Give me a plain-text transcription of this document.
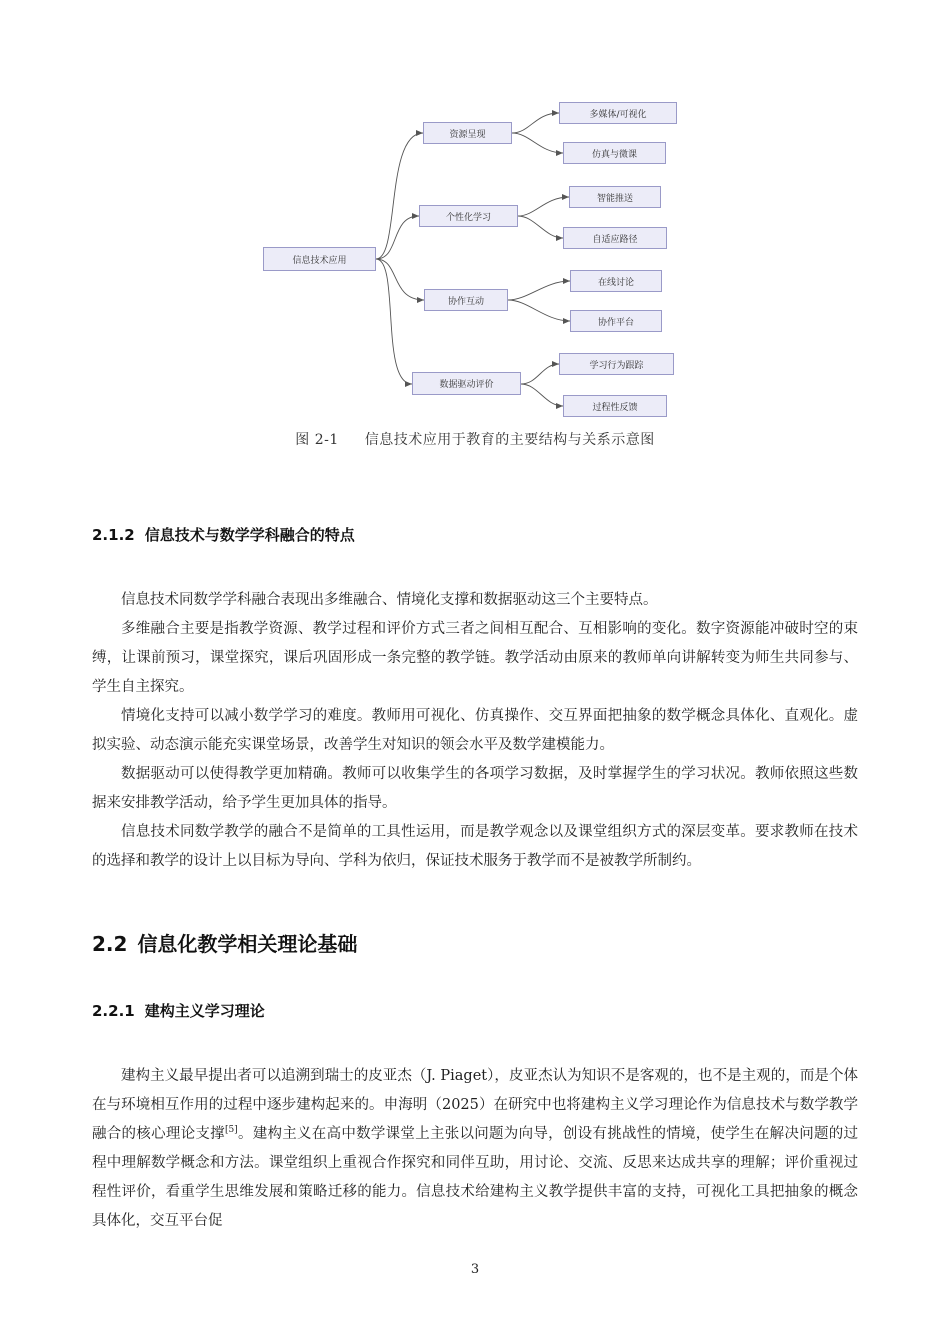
信息技术应用
资源呈现
个性化学习
协作互动
数据驱动评价
多媒体/可视化
仿真与微课
智能推送
自适应路径
在线讨论
协作平台
学习行为跟踪
过程性反馈
图 2-1 信息技术应用于教育的主要结构与关系示意图
2.1.2 信息技术与数学学科融合的特点

信息技术同数学学科融合表现出多维融合、情境化支撑和数据驱动这三个主要特点。

多维融合主要是指教学资源、教学过程和评价方式三者之间相互配合、互相影响的变化。数字资源能冲破时空的束缚，让课前预习，课堂探究，课后巩固形成一条完整的教学链。教学活动由原来的教师单向讲解转变为师生共同参与、学生自主探究。

情境化支持可以减小数学学习的难度。教师用可视化、仿真操作、交互界面把抽象的数学概念具体化、直观化。虚拟实验、动态演示能充实课堂场景，改善学生对知识的领会水平及数学建模能力。

数据驱动可以使得教学更加精确。教师可以收集学生的各项学习数据，及时掌握学生的学习状况。教师依照这些数据来安排教学活动，给予学生更加具体的指导。

信息技术同数学教学的融合不是简单的工具性运用，而是教学观念以及课堂组织方式的深层变革。要求教师在技术的选择和教学的设计上以目标为导向、学科为依归，保证技术服务于教学而不是被教学所制约。

2.2 信息化教学相关理论基础
2.2.1 建构主义学习理论

建构主义最早提出者可以追溯到瑞士的皮亚杰（J. Piaget），皮亚杰认为知识不是客观的，也不是主观的，而是个体在与环境相互作用的过程中逐步建构起来的。申海明（2025）在研究中也将建构主义学习理论作为信息技术与数学教学融合的核心理论支撑[5]。建构主义在高中数学课堂上主张以问题为向导，创设有挑战性的情境，使学生在解决问题的过程中理解数学概念和方法。课堂组织上重视合作探究和同伴互助，用讨论、交流、反思来达成共享的理解；评价重视过程性评价，看重学生思维发展和策略迁移的能力。信息技术给建构主义教学提供丰富的支持，可视化工具把抽象的概念具体化，交互平台促

3
